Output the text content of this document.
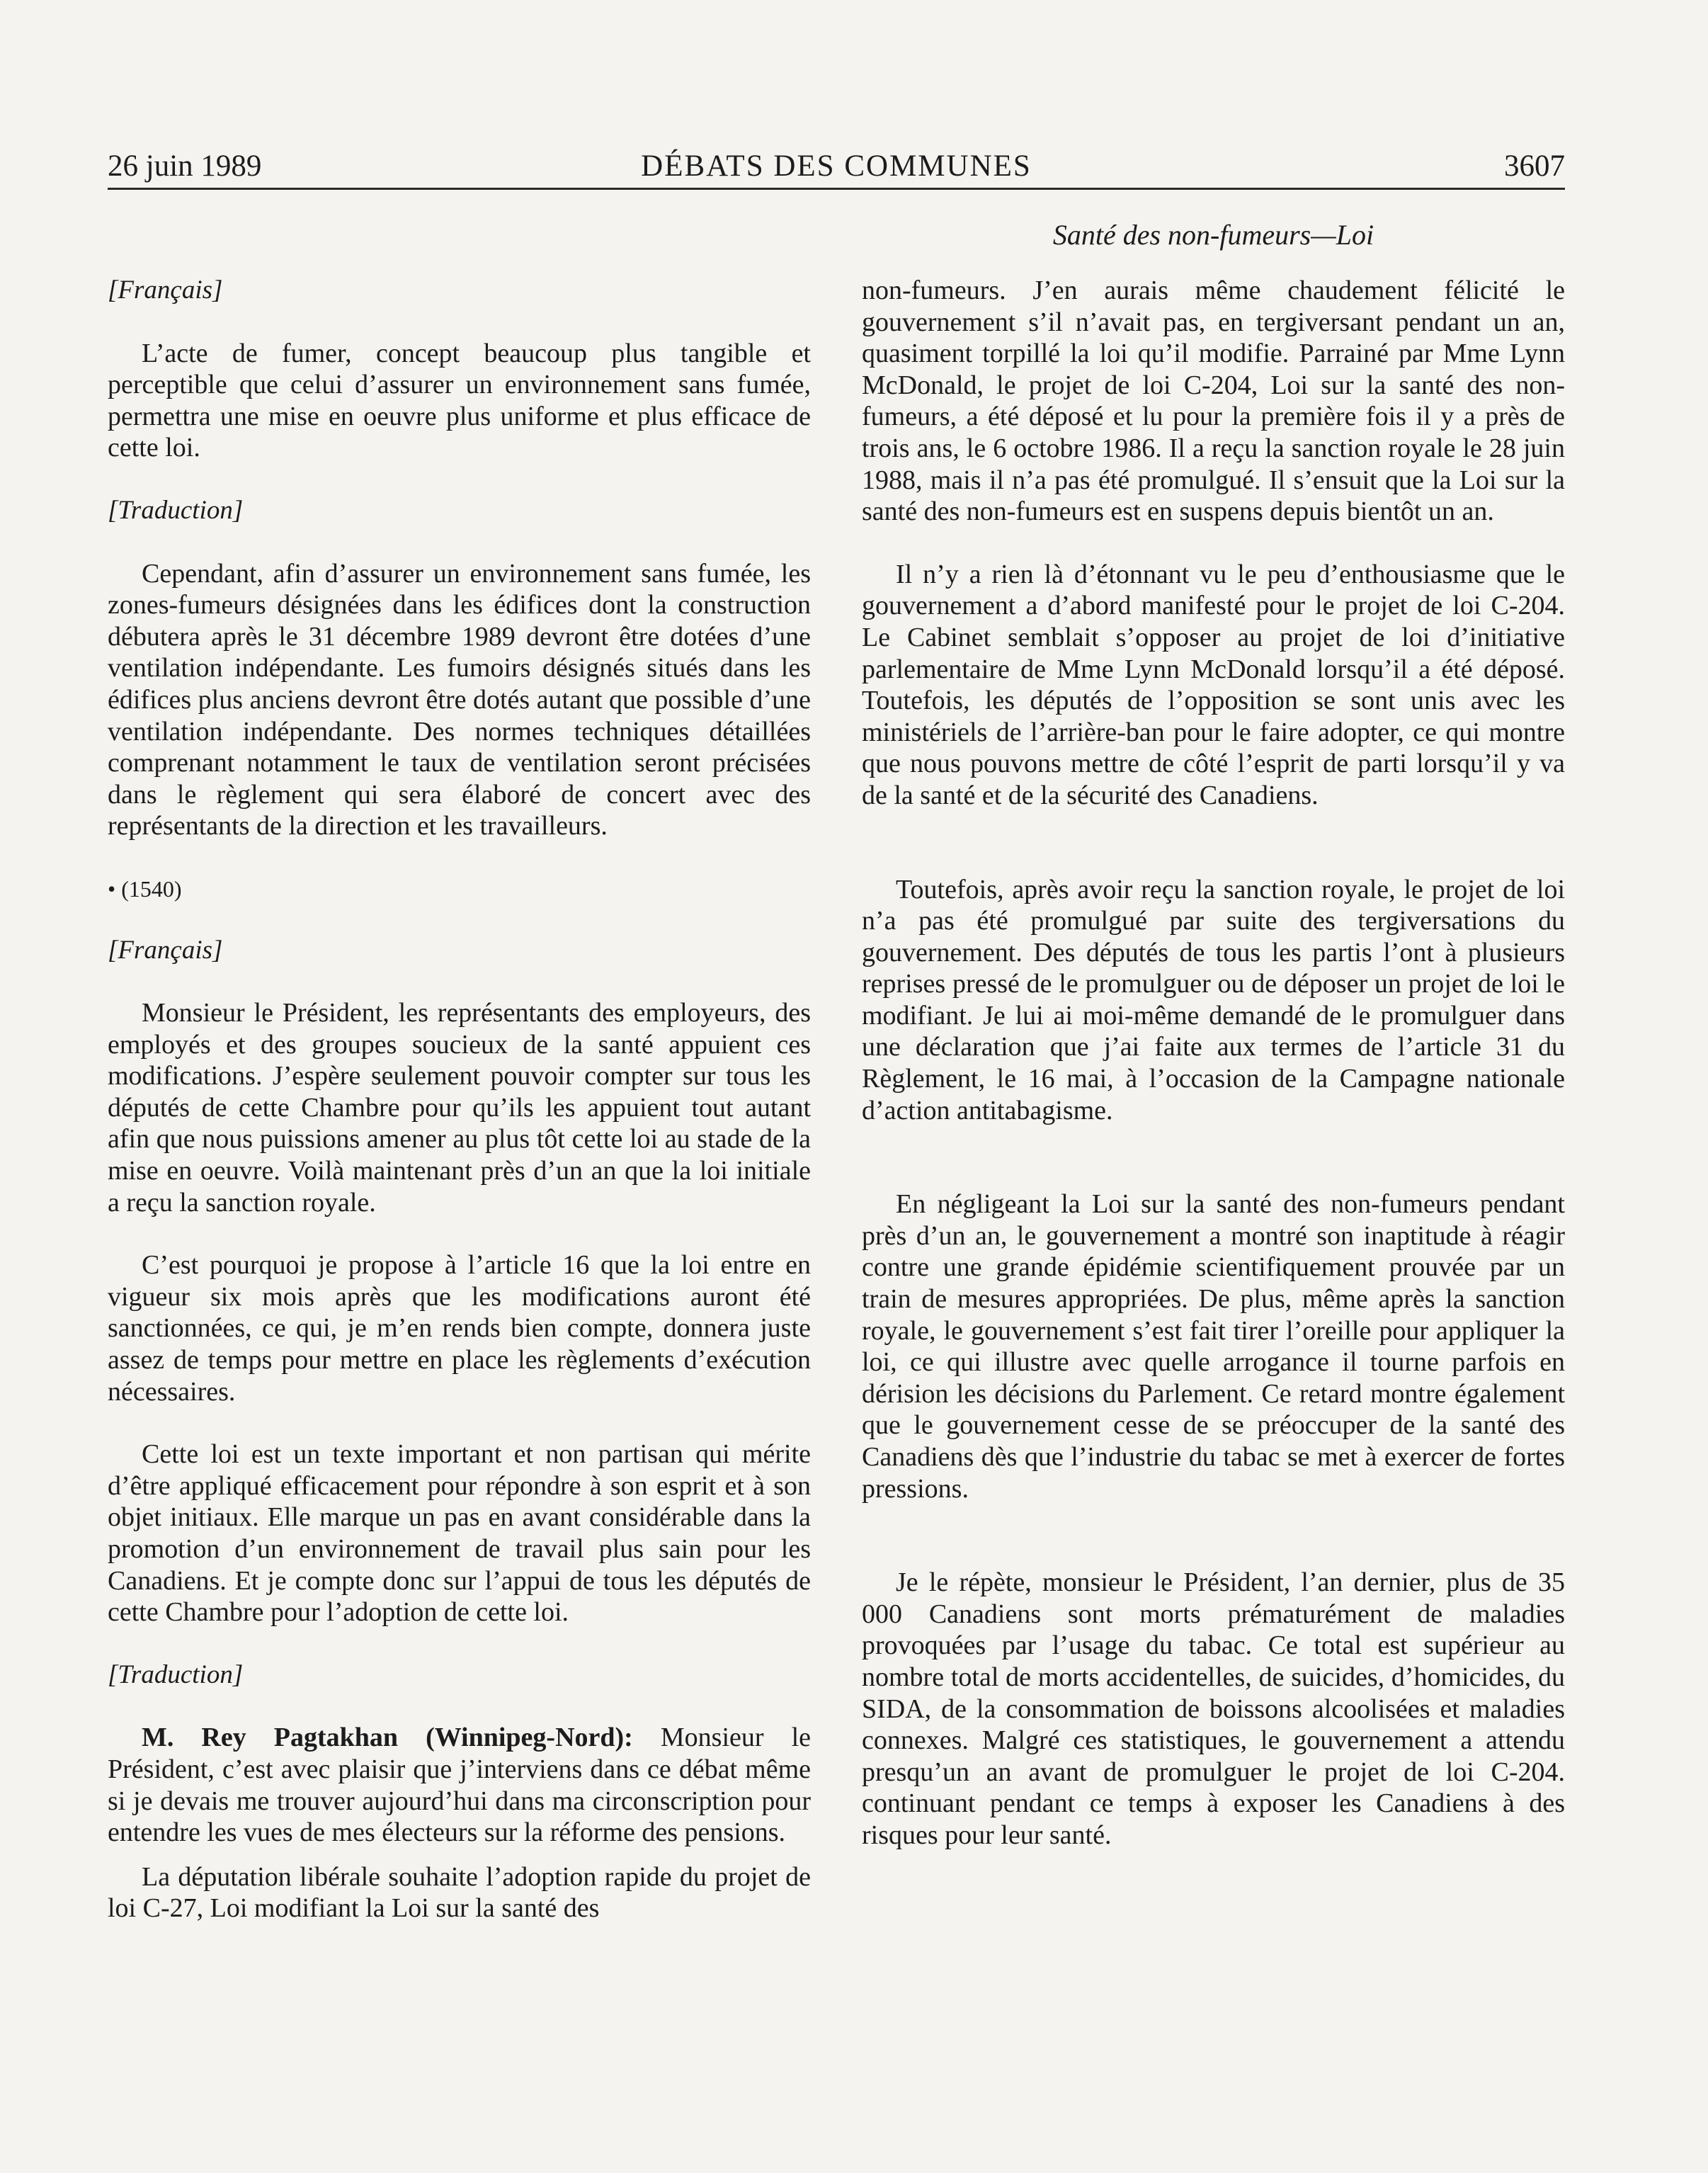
26 juin 1989	DÉBATS DES COMMUNES	3607
Santé des non-fumeurs—Loi

[Français]

L’acte de fumer, concept beaucoup plus tangible et perceptible que celui d’assurer un environnement sans fumée, permettra une mise en oeuvre plus uniforme et plus efficace de cette loi.

[Traduction]

Cependant, afin d’assurer un environnement sans fumée, les zones-fumeurs désignées dans les édifices dont la construction débutera après le 31 décembre 1989 devront être dotées d’une ventilation indépendante. Les fumoirs désignés situés dans les édifices plus anciens devront être dotés autant que possible d’une ventilation indépendante. Des normes techniques détaillées comprenant notamment le taux de ventilation seront précisées dans le règlement qui sera élaboré de concert avec des représentants de la direction et les travailleurs.

• (1540)

[Français]

Monsieur le Président, les représentants des employeurs, des employés et des groupes soucieux de la santé appuient ces modifications. J’espère seulement pouvoir compter sur tous les députés de cette Chambre pour qu’ils les appuient tout autant afin que nous puissions amener au plus tôt cette loi au stade de la mise en oeuvre. Voilà maintenant près d’un an que la loi initiale a reçu la sanction royale.

C’est pourquoi je propose à l’article 16 que la loi entre en vigueur six mois après que les modifications auront été sanctionnées, ce qui, je m’en rends bien compte, donnera juste assez de temps pour mettre en place les règlements d’exécution nécessaires.

Cette loi est un texte important et non partisan qui mérite d’être appliqué efficacement pour répondre à son esprit et à son objet initiaux. Elle marque un pas en avant considérable dans la promotion d’un environnement de travail plus sain pour les Canadiens. Et je compte donc sur l’appui de tous les députés de cette Chambre pour l’adoption de cette loi.

[Traduction]

M. Rey Pagtakhan (Winnipeg-Nord): Monsieur le Président, c’est avec plaisir que j’interviens dans ce débat même si je devais me trouver aujourd’hui dans ma circonscription pour entendre les vues de mes électeurs sur la réforme des pensions.

La députation libérale souhaite l’adoption rapide du projet de loi C-27, Loi modifiant la Loi sur la santé des

non-fumeurs. J’en aurais même chaudement félicité le gouvernement s’il n’avait pas, en tergiversant pendant un an, quasiment torpillé la loi qu’il modifie. Parrainé par Mme Lynn McDonald, le projet de loi C-204, Loi sur la santé des non-fumeurs, a été déposé et lu pour la première fois il y a près de trois ans, le 6 octobre 1986. Il a reçu la sanction royale le 28 juin 1988, mais il n’a pas été promulgué. Il s’ensuit que la Loi sur la santé des non-fumeurs est en suspens depuis bientôt un an.

Il n’y a rien là d’étonnant vu le peu d’enthousiasme que le gouvernement a d’abord manifesté pour le projet de loi C-204. Le Cabinet semblait s’opposer au projet de loi d’initiative parlementaire de Mme Lynn McDonald lorsqu’il a été déposé. Toutefois, les députés de l’opposition se sont unis avec les ministériels de l’arrière-ban pour le faire adopter, ce qui montre que nous pouvons mettre de côté l’esprit de parti lorsqu’il y va de la santé et de la sécurité des Canadiens.

Toutefois, après avoir reçu la sanction royale, le projet de loi n’a pas été promulgué par suite des tergiversations du gouvernement. Des députés de tous les partis l’ont à plusieurs reprises pressé de le promulguer ou de déposer un projet de loi le modifiant. Je lui ai moi-même demandé de le promulguer dans une déclaration que j’ai faite aux termes de l’article 31 du Règlement, le 16 mai, à l’occasion de la Campagne nationale d’action antitabagisme.

En négligeant la Loi sur la santé des non-fumeurs pendant près d’un an, le gouvernement a montré son inaptitude à réagir contre une grande épidémie scientifiquement prouvée par un train de mesures appropriées. De plus, même après la sanction royale, le gouvernement s’est fait tirer l’oreille pour appliquer la loi, ce qui illustre avec quelle arrogance il tourne parfois en dérision les décisions du Parlement. Ce retard montre également que le gouvernement cesse de se préoccuper de la santé des Canadiens dès que l’industrie du tabac se met à exercer de fortes pressions.

Je le répète, monsieur le Président, l’an dernier, plus de 35 000 Canadiens sont morts prématurément de maladies provoquées par l’usage du tabac. Ce total est supérieur au nombre total de morts accidentelles, de suicides, d’homicides, du SIDA, de la consommation de boissons alcoolisées et maladies connexes. Malgré ces statistiques, le gouvernement a attendu presqu’un an avant de promulguer le projet de loi C-204. continuant pendant ce temps à exposer les Canadiens à des risques pour leur santé.
